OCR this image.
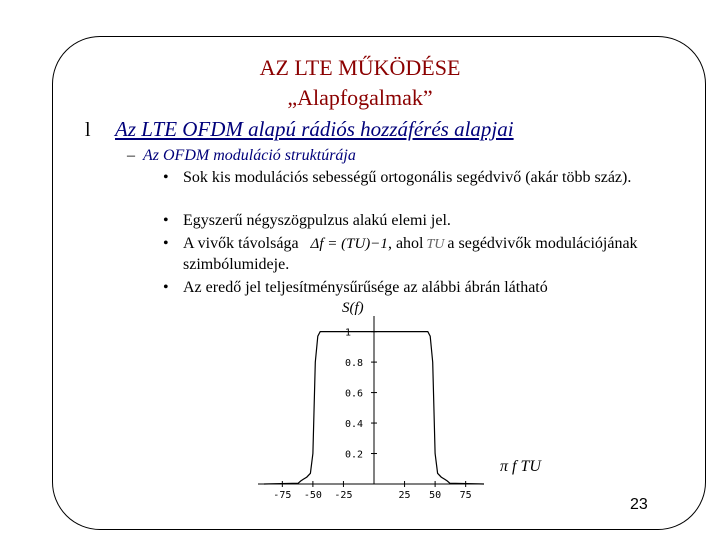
AZ LTE MŰKÖDÉSE
„Alapfogalmak”
l Az LTE OFDM alapú rádiós hozzáférés alapjai
– Az OFDM moduláció struktúrája
• Sok kis modulációs sebességű ortogonális segédvivő (akár több száz).
• Egyszerű négyszögpulzus alakú elemi jel.
• A vivők távolsága Δf = (TU)−1, ahol TU a segédvivők modulációjának szimbólumideje.
• Az eredő jel teljesítménysűrűsége az alábbi ábrán látható
S(f)
π f TU
-75 -50 -25	25 50 75
1
0.8
0.6
0.4
0.2
23
